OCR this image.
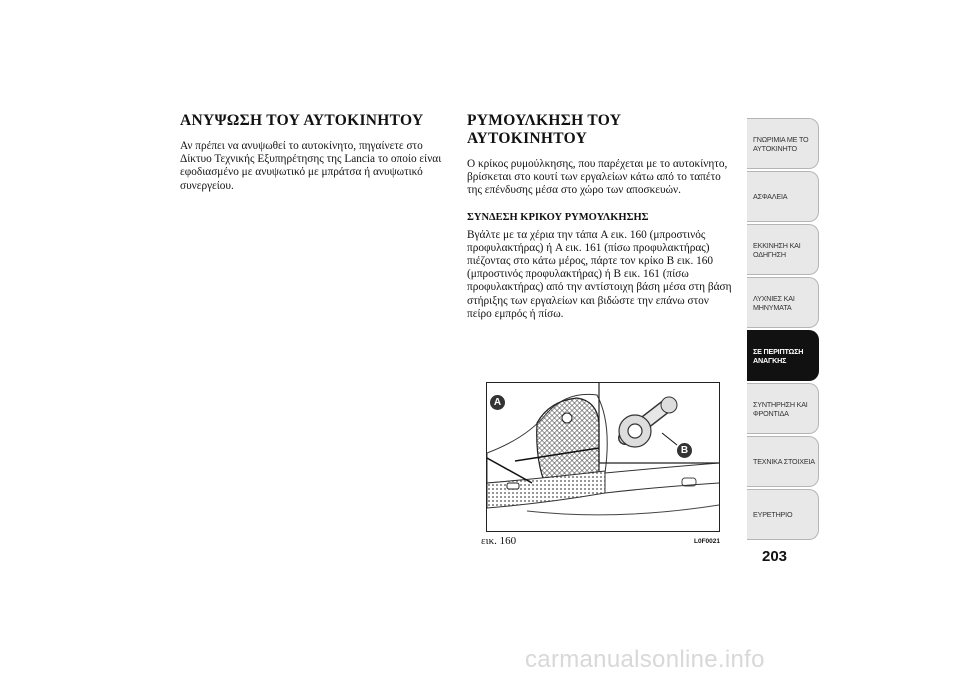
ΑΝΥΨΩΣΗ ΤΟΥ ΑΥΤΟΚΙΝΗΤΟΥ

Αν πρέπει να ανυψωθεί το αυτοκίνητο, πηγαίνετε στο Δίκτυο Τεχνικής Εξυπηρέτησης της Lancia το οποίο είναι εφοδιασμένο με ανυψωτικό με μπράτσα ή ανυψωτικό συνεργείου.

ΡΥΜΟΥΛΚΗΣΗ ΤΟΥ ΑΥΤΟΚΙΝΗΤΟΥ

Ο κρίκος ρυμούλκησης, που παρέχεται με το αυτοκίνητο, βρίσκεται στο κουτί των εργαλείων κάτω από το ταπέτο της επένδυσης μέσα στο χώρο των αποσκευών.

ΣΥΝΔΕΣΗ ΚΡΙΚΟΥ ΡΥΜΟΥΛΚΗΣΗΣ

Βγάλτε με τα χέρια την τάπα A εικ. 160 (μπροστινός προφυλακτήρας) ή A εικ. 161 (πίσω προφυλακτήρας) πιέζοντας στο κάτω μέρος, πάρτε τον κρίκο B εικ. 160 (μπροστινός προφυλακτήρας) ή B εικ. 161 (πίσω προφυλακτήρας) από την αντίστοιχη βάση μέσα στη βάση στήριξης των εργαλείων και βιδώστε την επάνω στον πείρο εμπρός ή πίσω.

A
B
εικ. 160	L0F0021
ΓΝΩΡΙΜΙΑ ΜΕ ΤΟ ΑΥΤΟΚΙΝΗΤΟ
ΑΣΦΑΛΕΙΑ
ΕΚΚΙΝΗΣΗ ΚΑΙ ΟΔΗΓΗΣΗ
ΛΥΧΝΙΕΣ ΚΑΙ ΜΗΝΥΜΑΤΑ
ΣΕ ΠΕΡΙΠΤΩΣΗ ΑΝΑΓΚΗΣ
ΣΥΝΤΗΡΗΣΗ ΚΑΙ ΦΡΟΝΤΙΔΑ
ΤΕΧΝΙΚΑ ΣΤΟΙΧΕΙΑ
ΕΥΡΕΤΗΡΙΟ
203
carmanualsonline.info
